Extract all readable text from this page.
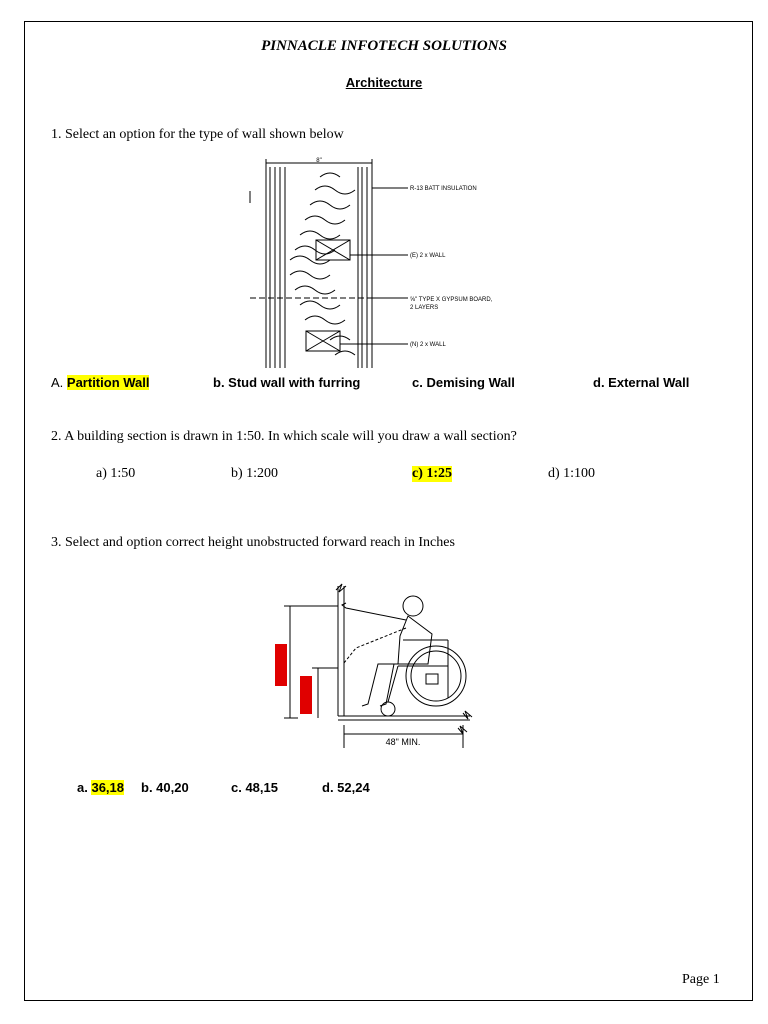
PINNACLE INFOTECH SOLUTIONS
Architecture
1. Select an option for the type of wall shown below
8"
R-13 BATT INSULATION
(E) 2 x WALL
⅝" TYPE X GYPSUM BOARD,
2 LAYERS
(N) 2 x WALL
A. Partition Wall	b. Stud wall with furring	c. Demising Wall	d. External Wall
2. A building section is drawn in 1:50. In which scale will you draw a wall section?
a) 1:50	b) 1:200	c) 1:25	d) 1:100
3. Select and option correct height unobstructed forward reach in Inches
48" MIN.
a. 36,18 b. 40,20	c. 48,15	d. 52,24
Page 1
